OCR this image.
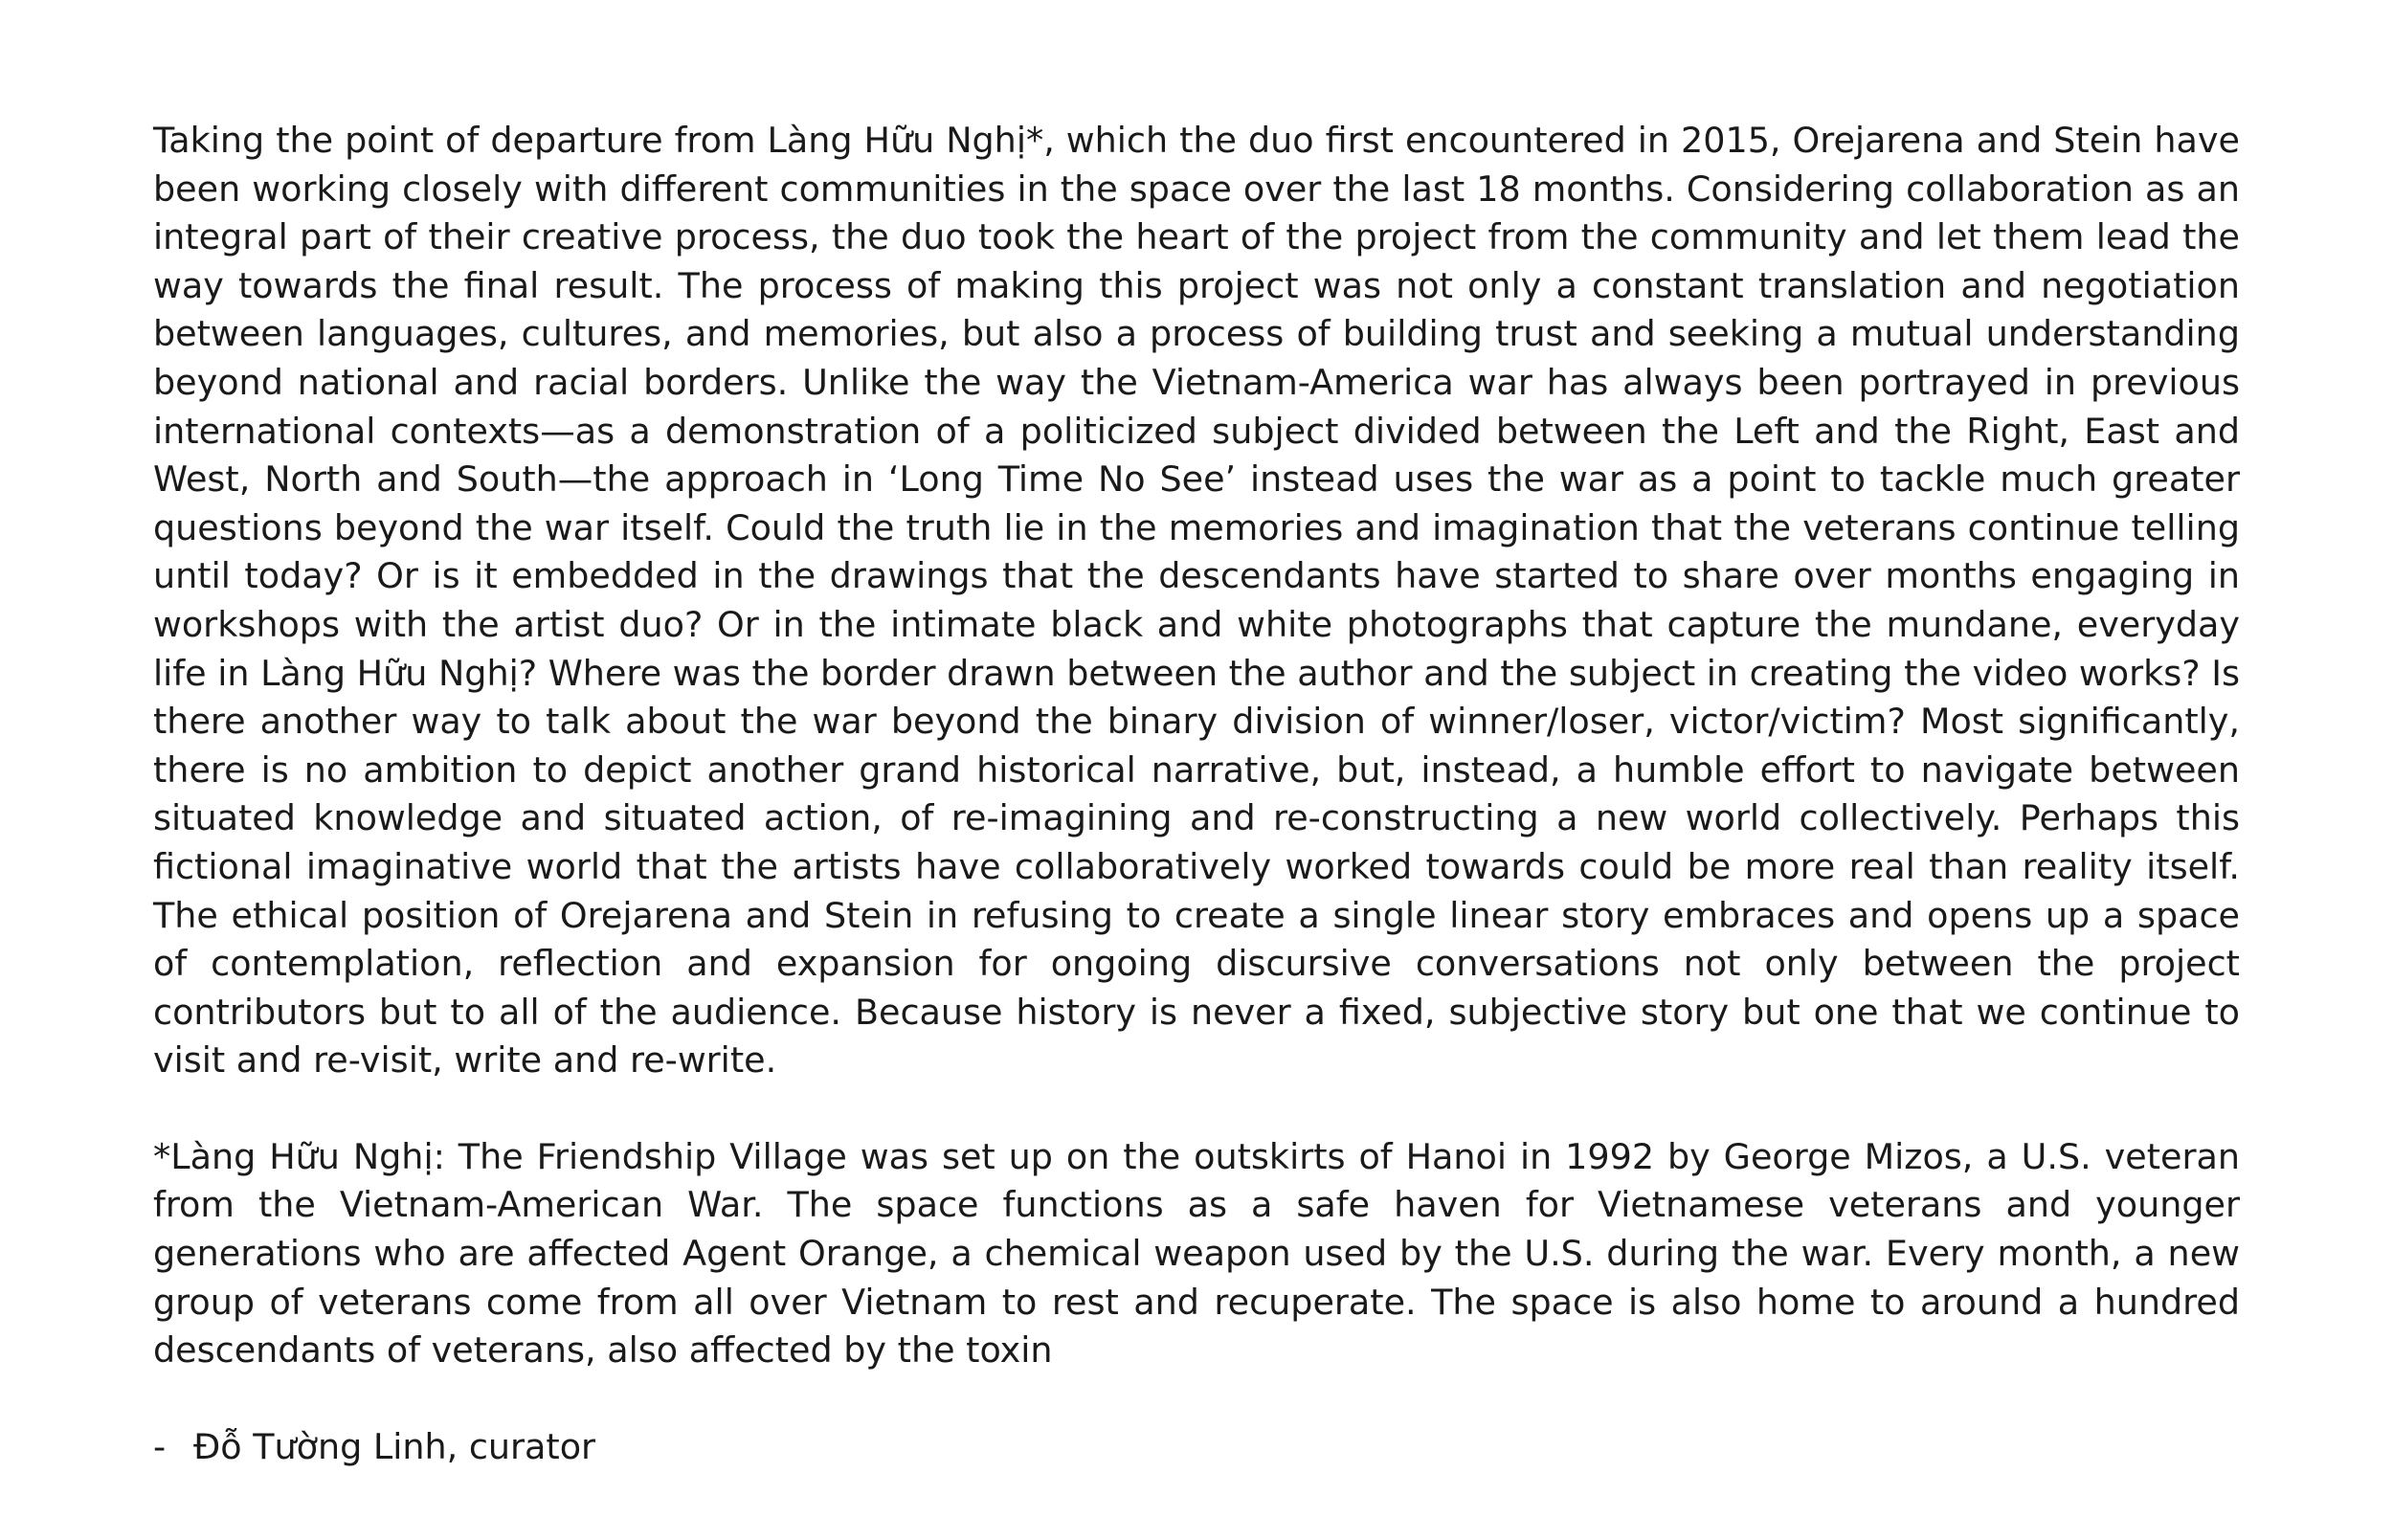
Taking the point of departure from Làng Hữu Nghị*, which the duo first encountered in 2015, Orejarena and Stein have been working closely with different communities in the space over the last 18 months. Considering collaboration as an integral part of their creative process, the duo took the heart of the project from the community and let them lead the way towards the final result. The process of making this project was not only a constant translation and negotiation between languages, cultures, and memories, but also a process of building trust and seeking a mutual understanding beyond national and racial borders. Unlike the way the Vietnam-America war has always been portrayed in previous international contexts—as a demonstration of a politicized subject divided between the Left and the Right, East and West, North and South—the approach in ‘Long Time No See’ instead uses the war as a point to tackle much greater questions beyond the war itself. Could the truth lie in the memories and imagination that the veterans continue telling until today? Or is it embedded in the drawings that the descendants have started to share over months engaging in workshops with the artist duo? Or in the intimate black and white photographs that capture the mundane, everyday life in Làng Hữu Nghị? Where was the border drawn between the author and the subject in creating the video works? Is there another way to talk about the war beyond the binary division of winner/loser, victor/victim? Most significantly, there is no ambition to depict another grand historical narrative, but, instead, a humble effort to navigate between situated knowledge and situated action, of re-imagining and re-constructing a new world collectively. Perhaps this fictional imaginative world that the artists have collaboratively worked towards could be more real than reality itself. The ethical position of Orejarena and Stein in refusing to create a single linear story embraces and opens up a space of contemplation, reflection and expansion for ongoing discursive conversations not only between the project contributors but to all of the audience. Because history is never a fixed, subjective story but one that we continue to visit and re-visit, write and re-write.

*Làng Hữu Nghị: The Friendship Village was set up on the outskirts of Hanoi in 1992 by George Mizos, a U.S. veteran from the Vietnam-American War. The space functions as a safe haven for Vietnamese veterans and younger generations who are affected Agent Orange, a chemical weapon used by the U.S. during the war. Every month, a new group of veterans come from all over Vietnam to rest and recuperate. The space is also home to around a hundred descendants of veterans, also affected by the toxin

- Đỗ Tường Linh, curator
